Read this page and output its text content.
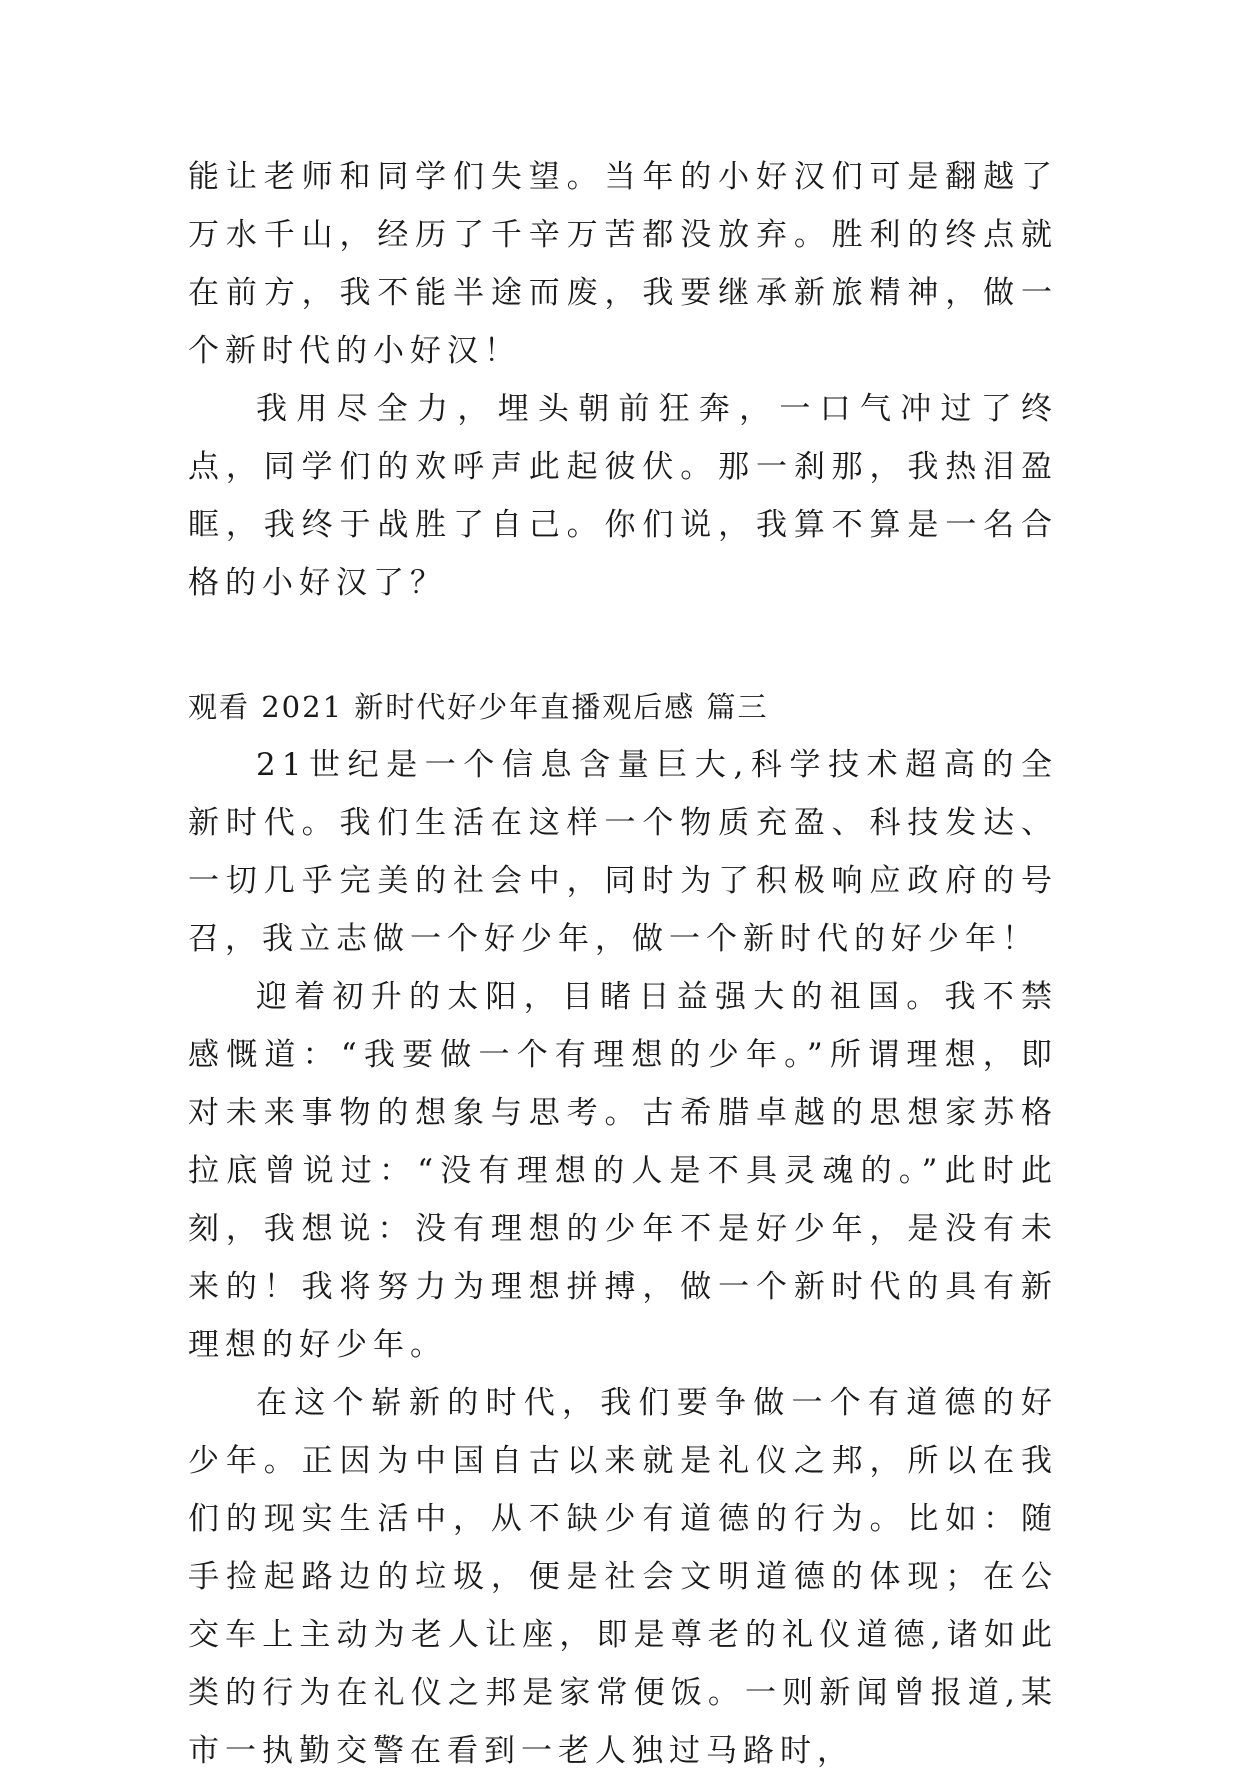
能让老师和同学们失望。当年的小好汉们可是翻越了万水千山，经历了千辛万苦都没放弃。胜利的终点就在前方，我不能半途而废，我要继承新旅精神，做一个新时代的小好汉！

我用尽全力，埋头朝前狂奔，一口气冲过了终点，同学们的欢呼声此起彼伏。那一刹那，我热泪盈眶，我终于战胜了自己。你们说，我算不算是一名合格的小好汉了？

观看 2021 新时代好少年直播观后感 篇三

21世纪是一个信息含量巨大,科学技术超高的全新时代。我们生活在这样一个物质充盈、科技发达、一切几乎完美的社会中，同时为了积极响应政府的号召，我立志做一个好少年，做一个新时代的好少年！

迎着初升的太阳，目睹日益强大的祖国。我不禁感慨道：“我要做一个有理想的少年。”所谓理想，即对未来事物的想象与思考。古希腊卓越的思想家苏格拉底曾说过：“没有理想的人是不具灵魂的。”此时此刻，我想说：没有理想的少年不是好少年，是没有未来的！我将努力为理想拼搏，做一个新时代的具有新理想的好少年。

在这个崭新的时代，我们要争做一个有道德的好少年。正因为中国自古以来就是礼仪之邦，所以在我们的现实生活中，从不缺少有道德的行为。比如：随手捡起路边的垃圾，便是社会文明道德的体现；在公交车上主动为老人让座，即是尊老的礼仪道德,诸如此类的行为在礼仪之邦是家常便饭。一则新闻曾报道,某市一执勤交警在看到一老人独过马路时，
